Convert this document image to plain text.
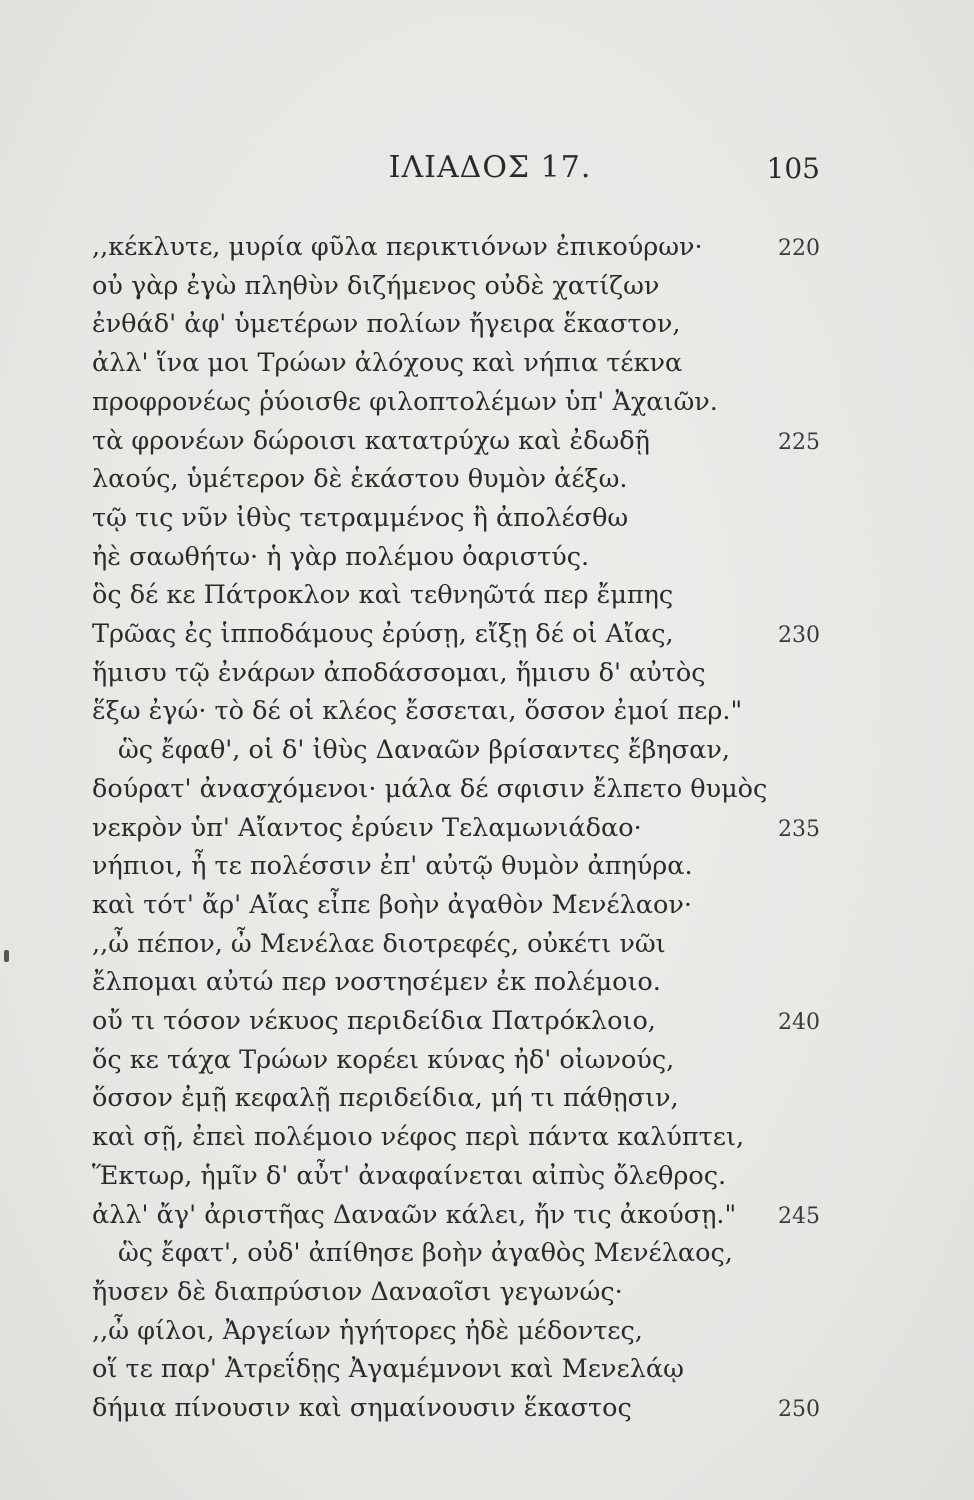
ΙΛΙΑΔΟΣ 17.	105
,,κέκλυτε, μυρία φῦλα περικτιόνων ἐπικούρων·	220
οὐ γὰρ ἐγὼ πληθὺν διζήμενος οὐδὲ χατίζων
ἐνθάδ' ἀφ' ὑμετέρων πολίων ἤγειρα ἕκαστον,
ἀλλ' ἵνα μοι Τρώων ἀλόχους καὶ νήπια τέκνα
προφρονέως ῥύοισθε φιλοπτολέμων ὑπ' Ἀχαιῶν.
τὰ φρονέων δώροισι κατατρύχω καὶ ἐδωδῇ	225
λαούς, ὑμέτερον δὲ ἑκάστου θυμὸν ἀέξω.
τῷ τις νῦν ἰθὺς τετραμμένος ἢ ἀπολέσθω
ἠὲ σαωθήτω· ἡ γὰρ πολέμου ὀαριστύς.
ὃς δέ κε Πάτροκλον καὶ τεθνηῶτά περ ἔμπης
Τρῶας ἐς ἱπποδάμους ἐρύσῃ, εἴξῃ δέ οἱ Αἴας,	230
ἥμισυ τῷ ἐνάρων ἀποδάσσομαι, ἥμισυ δ' αὐτὸς
ἕξω ἐγώ· τὸ δέ οἱ κλέος ἔσσεται, ὅσσον ἐμοί περ."
ὣς ἔφαθ', οἱ δ' ἰθὺς Δαναῶν βρίσαντες ἔβησαν,
δούρατ' ἀνασχόμενοι· μάλα δέ σφισιν ἔλπετο θυμὸς
νεκρὸν ὑπ' Αἴαντος ἐρύειν Τελαμωνιάδαο·	235
νήπιοι, ἦ τε πολέσσιν ἐπ' αὐτῷ θυμὸν ἀπηύρα.
καὶ τότ' ἄρ' Αἴας εἶπε βοὴν ἀγαθὸν Μενέλαον·
,,ὦ πέπον, ὦ Μενέλαε διοτρεφές, οὐκέτι νῶι
ἔλπομαι αὐτώ περ νοστησέμεν ἐκ πολέμοιο.
οὔ τι τόσον νέκυος περιδείδια Πατρόκλοιο,	240
ὅς κε τάχα Τρώων κορέει κύνας ἠδ' οἰωνούς,
ὅσσον ἐμῇ κεφαλῇ περιδείδια, μή τι πάθῃσιν,
καὶ σῇ, ἐπεὶ πολέμοιο νέφος περὶ πάντα καλύπτει,
Ἕκτωρ, ἡμῖν δ' αὖτ' ἀναφαίνεται αἰπὺς ὄλεθρος.
ἀλλ' ἄγ' ἀριστῆας Δαναῶν κάλει, ἤν τις ἀκούσῃ."	245
ὣς ἔφατ', οὐδ' ἀπίθησε βοὴν ἀγαθὸς Μενέλαος,
ἤυσεν δὲ διαπρύσιον Δαναοῖσι γεγωνώς·
,,ὦ φίλοι, Ἀργείων ἡγήτορες ἠδὲ μέδοντες,
οἵ τε παρ' Ἀτρεΐδῃς Ἀγαμέμνονι καὶ Μενελάῳ
δήμια πίνουσιν καὶ σημαίνουσιν ἕκαστος	250
